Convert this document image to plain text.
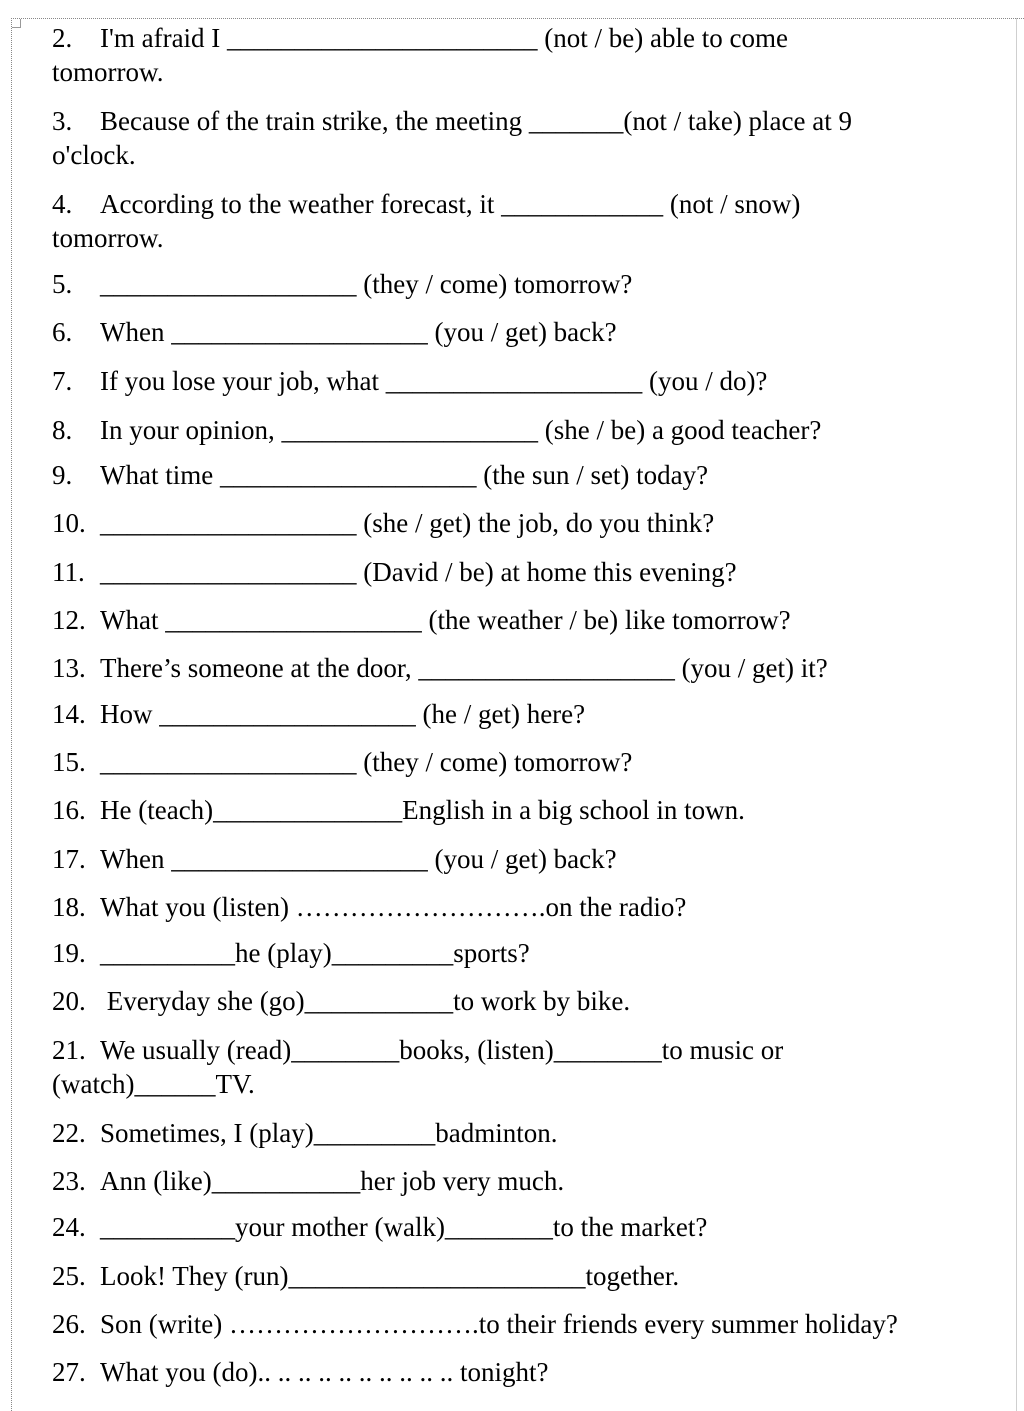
2. I'm afraid I _______________________ (not / be) able to come
tomorrow.
3. Because of the train strike, the meeting _______(not / take) place at 9
o'clock.
4. According to the weather forecast, it ____________ (not / snow)
tomorrow.
5. ___________________ (they / come) tomorrow?
6. When ___________________ (you / get) back?
7. If you lose your job, what ___________________ (you / do)?
8. In your opinion, ___________________ (she / be) a good teacher?
9. What time ___________________ (the sun / set) today?
10. ___________________ (she / get) the job, do you think?
11. ___________________ (David / be) at home this evening?
12. What ___________________ (the weather / be) like tomorrow?
13. There’s someone at the door, ___________________ (you / get) it?
14. How ___________________ (he / get) here?
15. ___________________ (they / come) tomorrow?
16. He (teach)______________English in a big school in town.
17. When ___________________ (you / get) back?
18. What you (listen) ……………………….on the radio?
19. __________he (play)_________sports?
20. Everyday she (go)___________to work by bike.
21. We usually (read)________books, (listen)________to music or
(watch)______TV.
22. Sometimes, I (play)_________badminton.
23. Ann (like)___________her job very much.
24. __________your mother (walk)________to the market?
25. Look! They (run)______________________together.
26. Son (write) ……………………….to their friends every summer holiday?
27. What you (do).. .. .. .. .. .. .. .. .. .. tonight?
